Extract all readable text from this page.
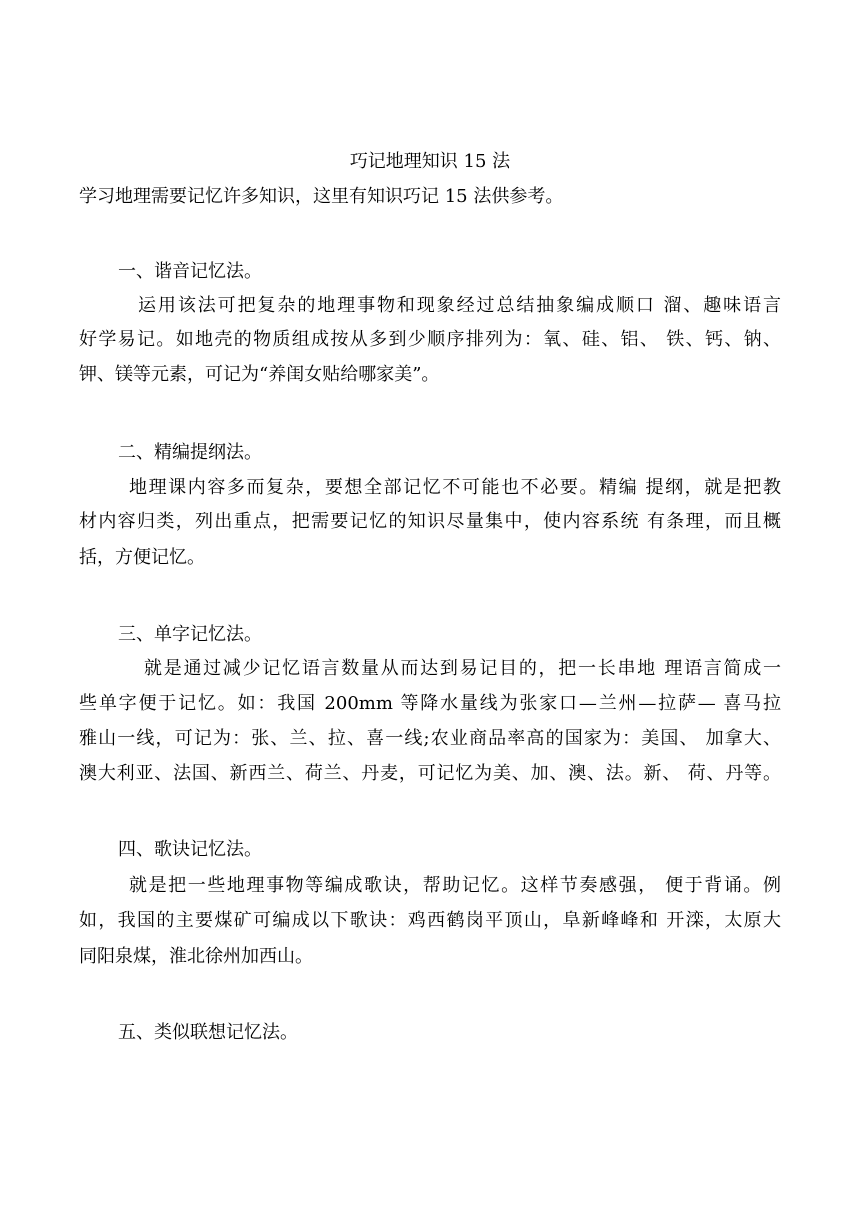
巧记地理知识 15 法
学习地理需要记忆许多知识，这里有知识巧记 15 法供参考。
一、谐音记忆法。
运用该法可把复杂的地理事物和现象经过总结抽象编成顺口 溜、趣味语言
好学易记。如地壳的物质组成按从多到少顺序排列为：氧、硅、铝、 铁、钙、钠、
钾、镁等元素，可记为“养闺女贴给哪家美”。
二、精编提纲法。
地理课内容多而复杂，要想全部记忆不可能也不必要。精编 提纲，就是把教
材内容归类，列出重点，把需要记忆的知识尽量集中，使内容系统 有条理，而且概
括，方便记忆。
三、单字记忆法。
就是通过减少记忆语言数量从而达到易记目的，把一长串地 理语言简成一
些单字便于记忆。如：我国 200mm 等降水量线为张家口—兰州—拉萨— 喜马拉
雅山一线，可记为：张、兰、拉、喜一线;农业商品率高的国家为：美国、 加拿大、
澳大利亚、法国、新西兰、荷兰、丹麦，可记忆为美、加、澳、法。新、 荷、丹等。
四、歌诀记忆法。
就是把一些地理事物等编成歌诀，帮助记忆。这样节奏感强， 便于背诵。例
如，我国的主要煤矿可编成以下歌诀：鸡西鹤岗平顶山，阜新峰峰和 开滦，太原大
同阳泉煤，淮北徐州加西山。
五、类似联想记忆法。
